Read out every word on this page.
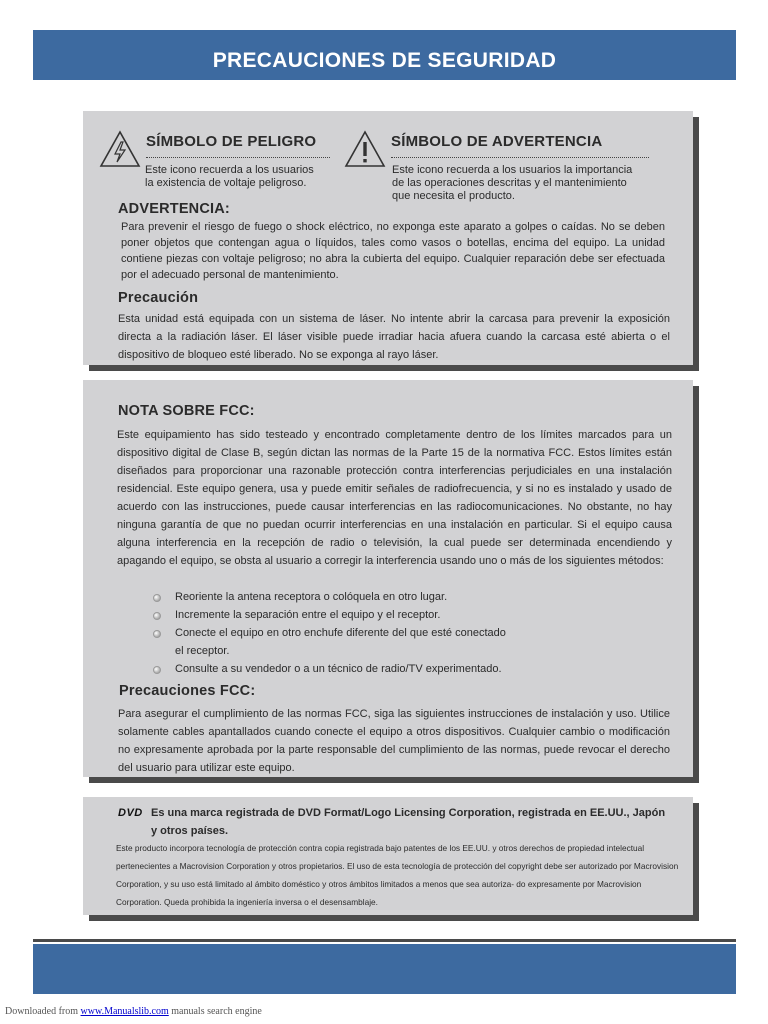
PRECAUCIONES DE SEGURIDAD
SÍMBOLO DE PELIGRO
Este icono recuerda a los usuarios
la existencia de voltaje peligroso.
SÍMBOLO DE ADVERTENCIA
Este icono recuerda a los usuarios la importancia
de las operaciones descritas y el mantenimiento
que necesita el producto.
ADVERTENCIA:
Para prevenir el riesgo de fuego o shock eléctrico, no exponga este aparato a golpes o caídas. No se deben poner objetos que contengan agua o líquidos, tales como vasos o botellas, encima del equipo. La unidad contiene piezas con voltaje peligroso; no abra la cubierta del equipo. Cualquier reparación debe ser efectuada por el adecuado personal de mantenimiento.
Precaución
Esta unidad está equipada con un sistema de láser. No intente abrir la carcasa para prevenir la exposición directa a la radiación láser. El láser visible puede irradiar hacia afuera cuando la carcasa esté abierta o el dispositivo de bloqueo esté liberado. No se exponga al rayo láser.
NOTA SOBRE FCC:
Este equipamiento has sido testeado y encontrado completamente dentro de los límites marcados para un dispositivo digital de Clase B, según dictan las normas de la Parte 15 de la normativa FCC. Estos límites están diseñados para proporcionar una razonable protección contra interferencias perjudiciales en una instalación residencial. Este equipo genera, usa y puede emitir señales de radiofrecuencia, y si no es instalado y usado de acuerdo con las instrucciones, puede causar interferencias en las radiocomunicaciones. No obstante, no hay ninguna garantía de que no puedan ocurrir interferencias en una instalación en particular. Si el equipo causa alguna interferencia en la recepción de radio o televisión, la cual puede ser determinada encendiendo y apagando el equipo, se obsta al usuario a corregir la interferencia usando uno o más de los siguientes métodos:
Reoriente la antena receptora o colóquela en otro lugar.
Incremente la separación entre el equipo y el receptor.
Conecte el equipo en otro enchufe diferente del que esté conectado
el receptor.
Consulte a su vendedor o a un técnico de radio/TV experimentado.
Precauciones FCC:
Para asegurar el cumplimiento de las normas FCC, siga las siguientes instrucciones de instalación y uso. Utilice solamente cables apantallados cuando conecte el equipo a otros dispositivos. Cualquier cambio o modificación no expresamente aprobada por la parte responsable del cumplimiento de las normas, puede revocar el derecho del usuario para utilizar este equipo.
DVD Es una marca registrada de DVD Format/Logo Licensing Corporation, registrada en EE.UU., Japón
y otros países.
Este producto incorpora tecnología de protección contra copia registrada bajo patentes de los EE.UU. y otros derechos de propiedad intelectual pertenecientes a Macrovision Corporation y otros propietarios. El uso de esta tecnología de protección del copyright debe ser autorizado por Macrovision Corporation, y su uso está limitado al ámbito doméstico y otros ámbitos limitados a menos que sea autoriza- do expresamente por Macrovision Corporation. Queda prohibida la ingeniería inversa o el desensamblaje.
Downloaded from www.Manualslib.com manuals search engine
